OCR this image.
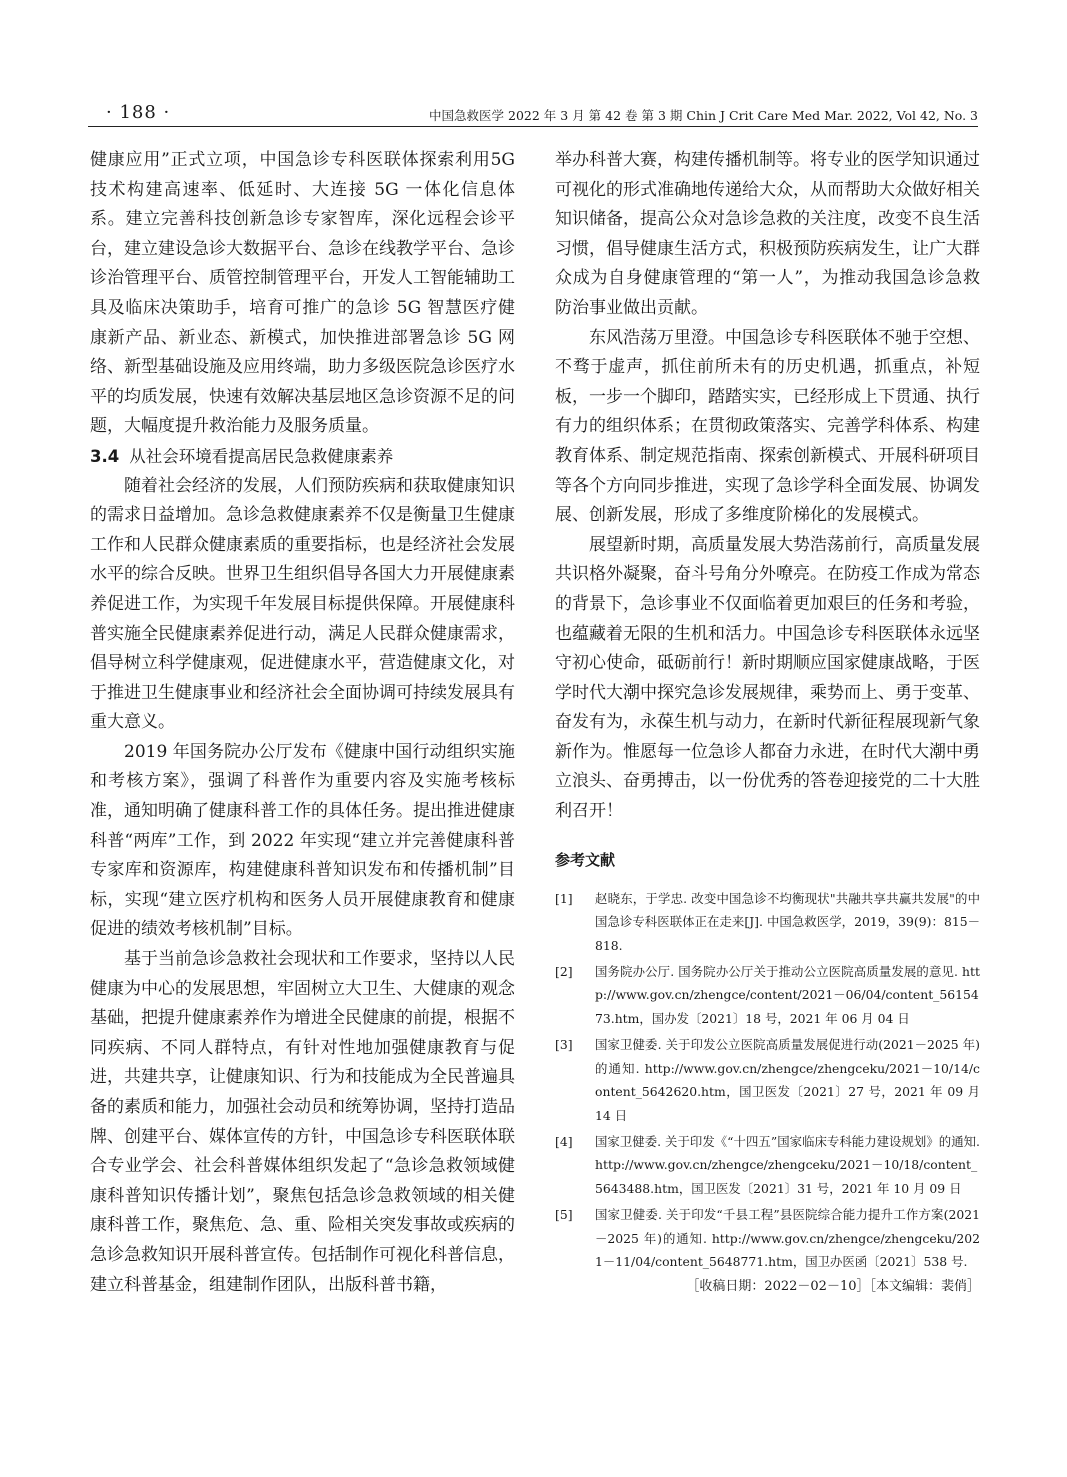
· 188 ·	中国急救医学 2022 年 3 月 第 42 卷 第 3 期 Chin J Crit Care Med Mar. 2022, Vol 42, No. 3

健康应用”正式立项，中国急诊专科医联体探索利用5G 技术构建高速率、低延时、大连接 5G 一体化信息体系。建立完善科技创新急诊专家智库，深化远程会诊平台，建立建设急诊大数据平台、急诊在线教学平台、急诊诊治管理平台、质管控制管理平台，开发人工智能辅助工具及临床决策助手，培育可推广的急诊 5G 智慧医疗健康新产品、新业态、新模式，加快推进部署急诊 5G 网络、新型基础设施及应用终端，助力多级医院急诊医疗水平的均质发展，快速有效解决基层地区急诊资源不足的问题，大幅度提升救治能力及服务质量。

3.4 从社会环境看提高居民急救健康素养

随着社会经济的发展，人们预防疾病和获取健康知识的需求日益增加。急诊急救健康素养不仅是衡量卫生健康工作和人民群众健康素质的重要指标，也是经济社会发展水平的综合反映。世界卫生组织倡导各国大力开展健康素养促进工作，为实现千年发展目标提供保障。开展健康科普实施全民健康素养促进行动，满足人民群众健康需求，倡导树立科学健康观，促进健康水平，营造健康文化，对于推进卫生健康事业和经济社会全面协调可持续发展具有重大意义。

2019 年国务院办公厅发布《健康中国行动组织实施和考核方案》，强调了科普作为重要内容及实施考核标准，通知明确了健康科普工作的具体任务。提出推进健康科普“两库”工作，到 2022 年实现“建立并完善健康科普专家库和资源库，构建健康科普知识发布和传播机制”目标，实现“建立医疗机构和医务人员开展健康教育和健康促进的绩效考核机制”目标。

基于当前急诊急救社会现状和工作要求，坚持以人民健康为中心的发展思想，牢固树立大卫生、大健康的观念基础，把提升健康素养作为增进全民健康的前提，根据不同疾病、不同人群特点，有针对性地加强健康教育与促进，共建共享，让健康知识、行为和技能成为全民普遍具备的素质和能力，加强社会动员和统筹协调，坚持打造品牌、创建平台、媒体宣传的方针，中国急诊专科医联体联合专业学会、社会科普媒体组织发起了“急诊急救领域健康科普知识传播计划”，聚焦包括急诊急救领域的相关健康科普工作，聚焦危、急、重、险相关突发事故或疾病的急诊急救知识开展科普宣传。包括制作可视化科普信息，建立科普基金，组建制作团队，出版科普书籍，

举办科普大赛，构建传播机制等。将专业的医学知识通过可视化的形式准确地传递给大众，从而帮助大众做好相关知识储备，提高公众对急诊急救的关注度，改变不良生活习惯，倡导健康生活方式，积极预防疾病发生，让广大群众成为自身健康管理的“第一人”，为推动我国急诊急救防治事业做出贡献。

东风浩荡万里澄。中国急诊专科医联体不驰于空想、不骛于虚声，抓住前所未有的历史机遇，抓重点，补短板，一步一个脚印，踏踏实实，已经形成上下贯通、执行有力的组织体系；在贯彻政策落实、完善学科体系、构建教育体系、制定规范指南、探索创新模式、开展科研项目等各个方向同步推进，实现了急诊学科全面发展、协调发展、创新发展，形成了多维度阶梯化的发展模式。

展望新时期，高质量发展大势浩荡前行，高质量发展共识格外凝聚，奋斗号角分外嘹亮。在防疫工作成为常态的背景下，急诊事业不仅面临着更加艰巨的任务和考验，也蕴藏着无限的生机和活力。中国急诊专科医联体永远坚守初心使命，砥砺前行！新时期顺应国家健康战略，于医学时代大潮中探究急诊发展规律，乘势而上、勇于变革、奋发有为，永葆生机与动力，在新时代新征程展现新气象新作为。惟愿每一位急诊人都奋力永进，在时代大潮中勇立浪头、奋勇搏击，以一份优秀的答卷迎接党的二十大胜利召开！

参考文献
[1]	赵晓东，于学忠. 改变中国急诊不均衡现状"共融共享共赢共发展"的中国急诊专科医联体正在走来[J]. 中国急救医学，2019，39(9)：815－818.
[2]	国务院办公厅. 国务院办公厅关于推动公立医院高质量发展的意见. http://www.gov.cn/zhengce/content/2021－06/04/content_5615473.htm，国办发〔2021〕18 号，2021 年 06 月 04 日
[3]	国家卫健委. 关于印发公立医院高质量发展促进行动(2021－2025 年)的通知. http://www.gov.cn/zhengce/zhengceku/2021－10/14/content_5642620.htm，国卫医发〔2021〕27 号，2021 年 09 月 14 日
[4]	国家卫健委. 关于印发《“十四五”国家临床专科能力建设规划》的通知. http://www.gov.cn/zhengce/zhengceku/2021－10/18/content_5643488.htm，国卫医发〔2021〕31 号，2021 年 10 月 09 日
[5]	国家卫健委. 关于印发“千县工程”县医院综合能力提升工作方案(2021－2025 年)的通知. http://www.gov.cn/zhengce/zhengceku/2021－11/04/content_5648771.htm，国卫办医函〔2021〕538 号.
［收稿日期：2022－02－10］［本文编辑：裴俏］
